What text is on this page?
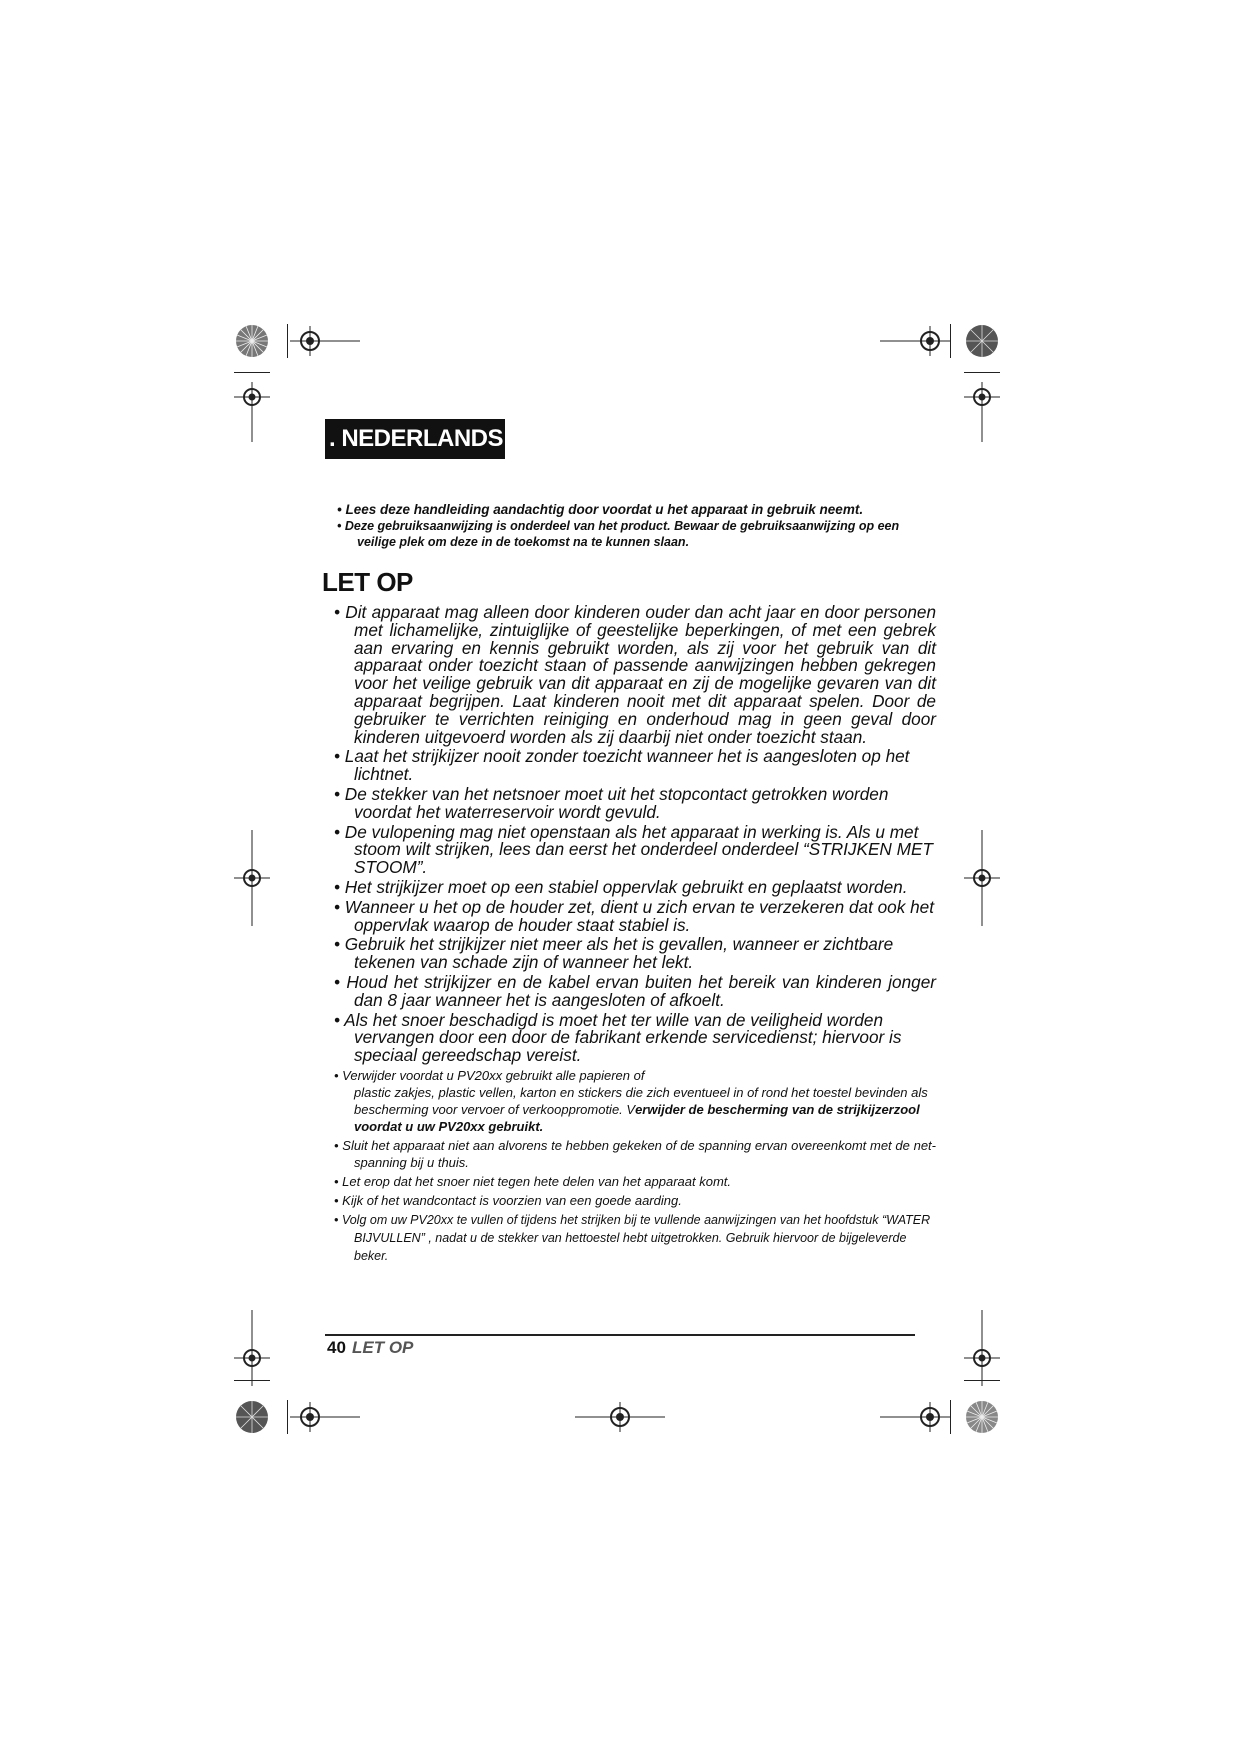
. NEDERLANDS

• Lees deze handleiding aandachtig door voordat u het apparaat in gebruik neemt.

• Deze gebruiksaanwijzing is onderdeel van het product. Bewaar de gebruiksaanwijzing op een veilige plek om deze in de toekomst na te kunnen slaan.

LET OP

• Dit apparaat mag alleen door kinderen ouder dan acht jaar en door personen met lichamelijke, zintuiglijke of geestelijke beperkingen, of met een gebrek aan ervaring en kennis gebruikt worden, als zij voor het gebruik van dit apparaat onder toezicht staan of passende aanwijzingen hebben gekregen voor het veilige gebruik van dit apparaat en zij de mogelijke gevaren van dit apparaat begrijpen. Laat kinderen nooit met dit apparaat spelen. Door de gebruiker te verrichten reiniging en onderhoud mag in geen geval door kinderen uitgevoerd worden als zij daarbij niet onder toezicht staan.

• Laat het strijkijzer nooit zonder toezicht wanneer het is aangesloten op het lichtnet.

• De stekker van het netsnoer moet uit het stopcontact getrokken worden voordat het waterreservoir wordt gevuld.

• De vulopening mag niet openstaan als het apparaat in werking is. Als u met stoom wilt strijken, lees dan eerst het onderdeel onderdeel “STRIJKEN MET STOOM”.

• Het strijkijzer moet op een stabiel oppervlak gebruikt en geplaatst worden.

• Wanneer u het op de houder zet, dient u zich ervan te verzekeren dat ook het oppervlak waarop de houder staat stabiel is.

• Gebruik het strijkijzer niet meer als het is gevallen, wanneer er zichtbare tekenen van schade zijn of wanneer het lekt.

• Houd het strijkijzer en de kabel ervan buiten het bereik van kinderen jonger dan 8 jaar wanneer het is aangesloten of afkoelt.

• Als het snoer beschadigd is moet het ter wille van de veiligheid worden vervangen door een door de fabrikant erkende servicedienst; hiervoor is speciaal gereedschap vereist.

• Verwijder voordat u PV20xx gebruikt alle papieren of
plastic zakjes, plastic vellen, karton en stickers die zich eventueel in of rond het toestel bevinden als bescherming voor vervoer of verkooppromotie. Verwijder de bescherming van de strijkijzerzool voordat u uw PV20xx gebruikt.

• Sluit het apparaat niet aan alvorens te hebben gekeken of de spanning ervan overeenkomt met de net-spanning bij u thuis.

• Let erop dat het snoer niet tegen hete delen van het apparaat komt.

• Kijk of het wandcontact is voorzien van een goede aarding.

• Volg om uw PV20xx te vullen of tijdens het strijken bij te vullende aanwijzingen van het hoofdstuk “WATER BIJVULLEN” , nadat u de stekker van hettoestel hebt uitgetrokken. Gebruik hiervoor de bijgeleverde beker.

40 LET OP
